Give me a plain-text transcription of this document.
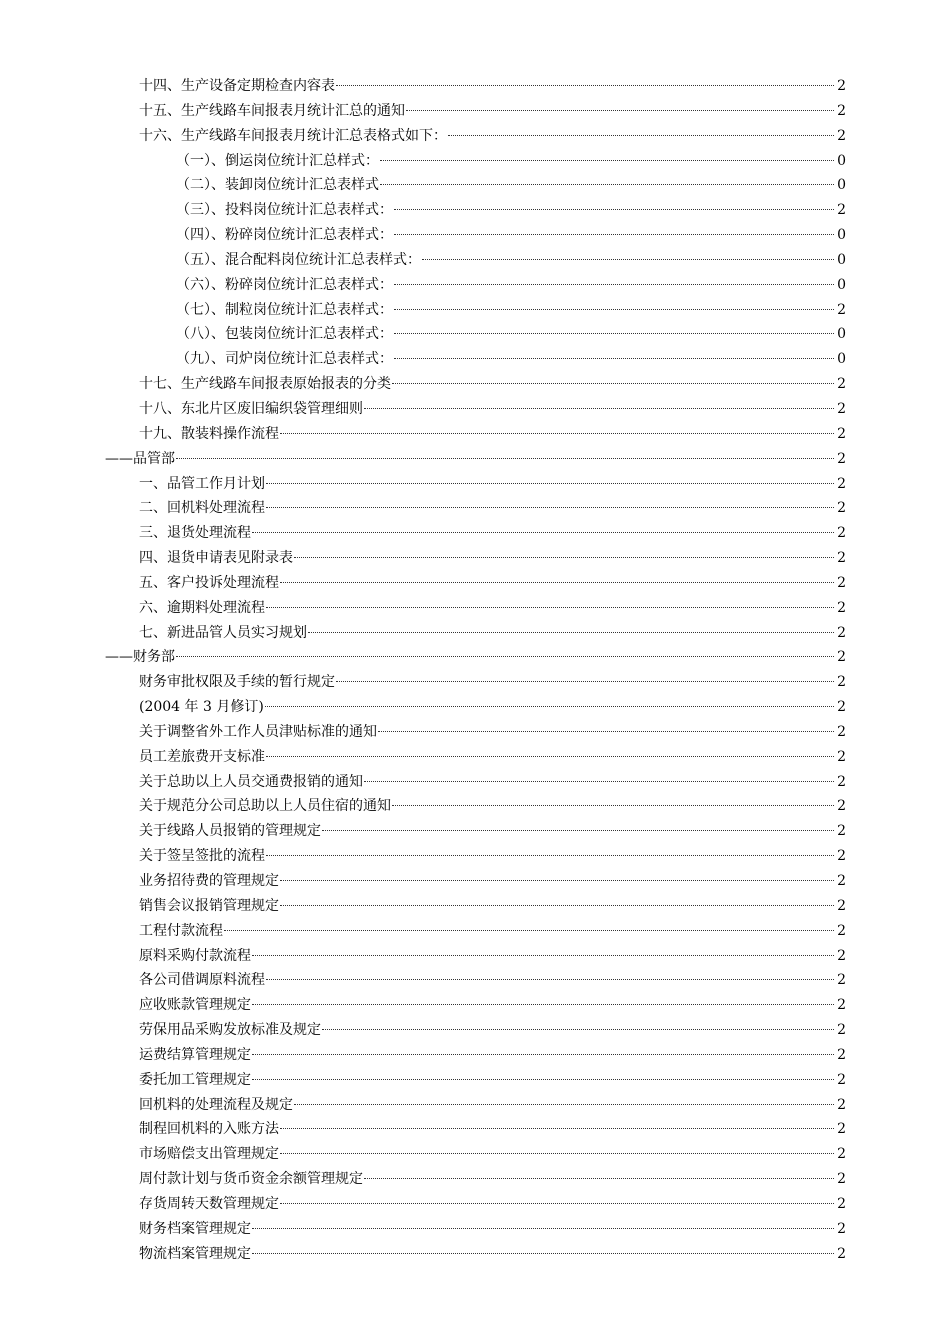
十四、生产设备定期检查内容表	2
十五、生产线路车间报表月统计汇总的通知	2
十六、生产线路车间报表月统计汇总表格式如下：	2
（一）、倒运岗位统计汇总样式：	0
（二）、装卸岗位统计汇总表样式	0
（三）、投料岗位统计汇总表样式：	2
（四）、粉碎岗位统计汇总表样式：	0
（五）、混合配料岗位统计汇总表样式：	0
（六）、粉碎岗位统计汇总表样式：	0
（七）、制粒岗位统计汇总表样式：	2
（八）、包装岗位统计汇总表样式：	0
（九）、司炉岗位统计汇总表样式：	0
十七、生产线路车间报表原始报表的分类	2
十八、东北片区废旧编织袋管理细则	2
十九、散装料操作流程	2
——品管部	2
一、品管工作月计划	2
二、回机料处理流程	2
三、退货处理流程	2
四、退货申请表见附录表	2
五、客户投诉处理流程	2
六、逾期料处理流程	2
七、新进品管人员实习规划	2
——财务部	2
财务审批权限及手续的暂行规定	2
(2004 年 3 月修订)	2
关于调整省外工作人员津贴标准的通知	2
员工差旅费开支标准	2
关于总助以上人员交通费报销的通知	2
关于规范分公司总助以上人员住宿的通知	2
关于线路人员报销的管理规定	2
关于签呈签批的流程	2
业务招待费的管理规定	2
销售会议报销管理规定	2
工程付款流程	2
原料采购付款流程	2
各公司借调原料流程	2
应收账款管理规定	2
劳保用品采购发放标准及规定	2
运费结算管理规定	2
委托加工管理规定	2
回机料的处理流程及规定	2
制程回机料的入账方法	2
市场赔偿支出管理规定	2
周付款计划与货币资金余额管理规定	2
存货周转天数管理规定	2
财务档案管理规定	2
物流档案管理规定	2
